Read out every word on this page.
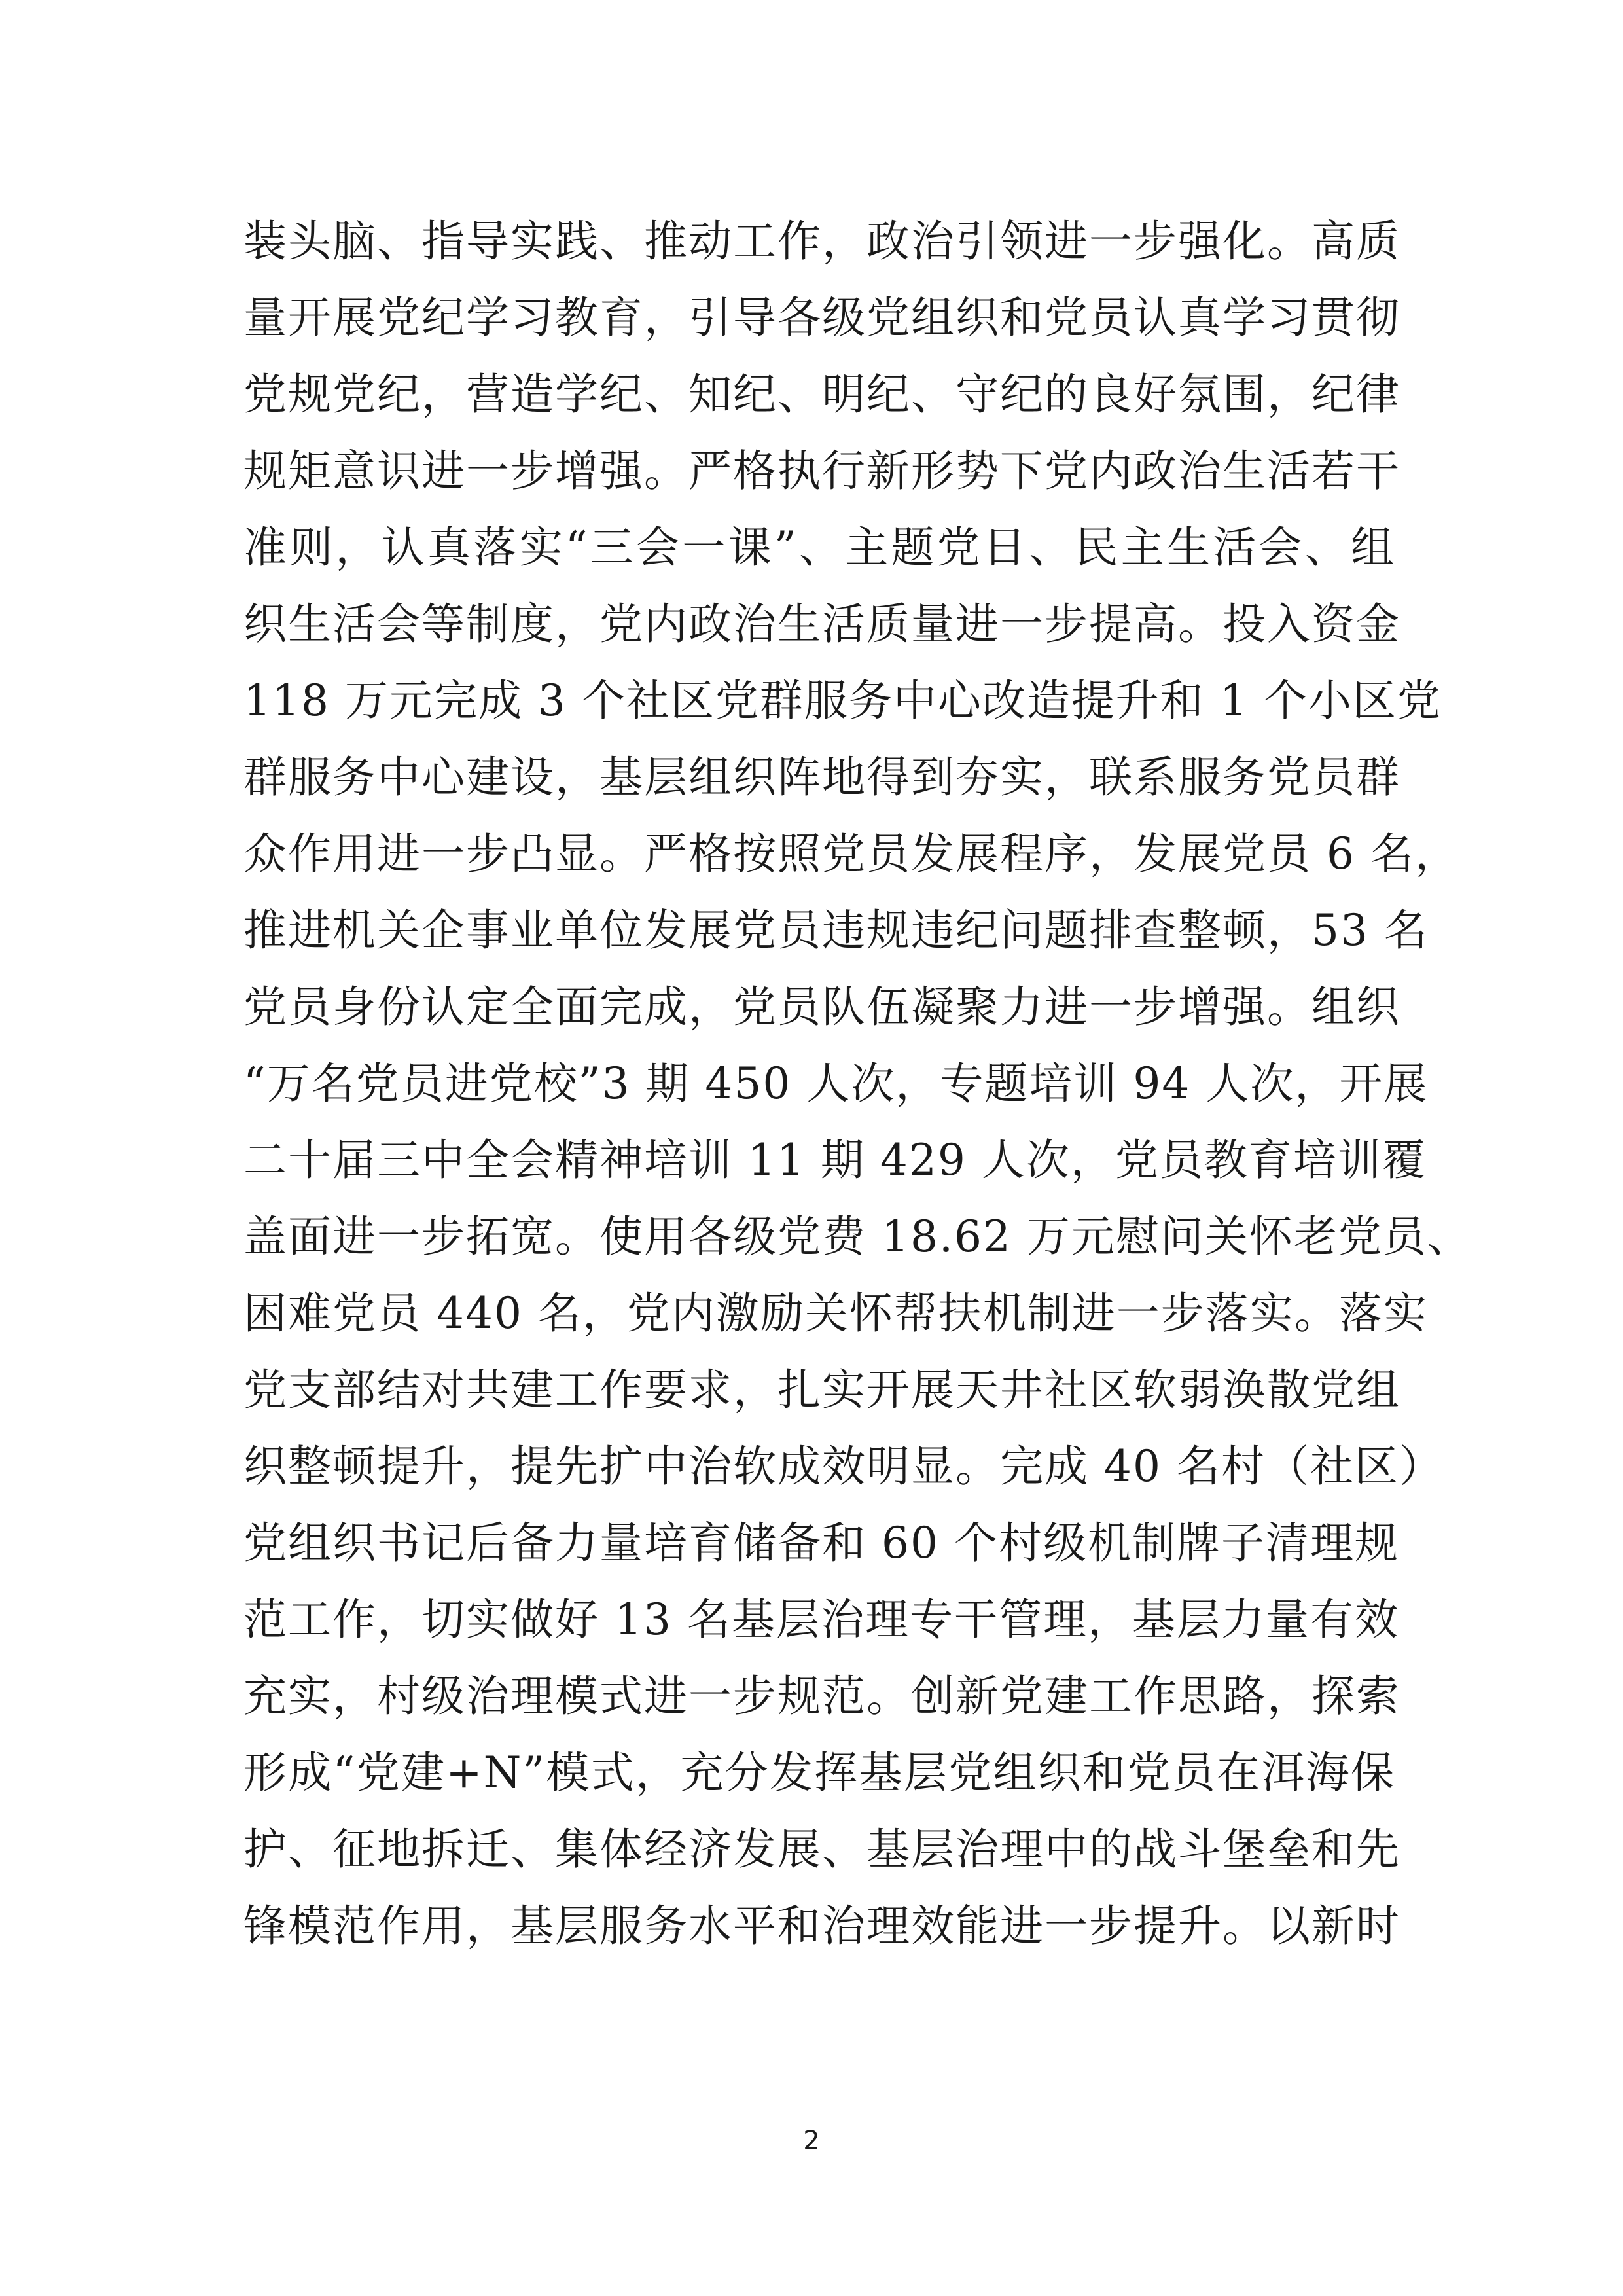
装头脑、指导实践、推动工作，政治引领进一步强化。高质
量开展党纪学习教育，引导各级党组织和党员认真学习贯彻
党规党纪，营造学纪、知纪、明纪、守纪的良好氛围，纪律
规矩意识进一步增强。严格执行新形势下党内政治生活若干
准则，认真落实“三会一课”、主题党日、民主生活会、组
织生活会等制度，党内政治生活质量进一步提高。投入资金
118 万元完成 3 个社区党群服务中心改造提升和 1 个小区党
群服务中心建设，基层组织阵地得到夯实，联系服务党员群
众作用进一步凸显。严格按照党员发展程序，发展党员 6 名，
推进机关企事业单位发展党员违规违纪问题排查整顿，53 名
党员身份认定全面完成，党员队伍凝聚力进一步增强。组织
“万名党员进党校”3 期 450 人次，专题培训 94 人次，开展
二十届三中全会精神培训 11 期 429 人次，党员教育培训覆
盖面进一步拓宽。使用各级党费 18.62 万元慰问关怀老党员、
困难党员 440 名，党内激励关怀帮扶机制进一步落实。落实
党支部结对共建工作要求，扎实开展天井社区软弱涣散党组
织整顿提升，提先扩中治软成效明显。完成 40 名村（社区）
党组织书记后备力量培育储备和 60 个村级机制牌子清理规
范工作，切实做好 13 名基层治理专干管理，基层力量有效
充实，村级治理模式进一步规范。创新党建工作思路，探索
形成“党建+N”模式，充分发挥基层党组织和党员在洱海保
护、征地拆迁、集体经济发展、基层治理中的战斗堡垒和先
锋模范作用，基层服务水平和治理效能进一步提升。以新时
2
